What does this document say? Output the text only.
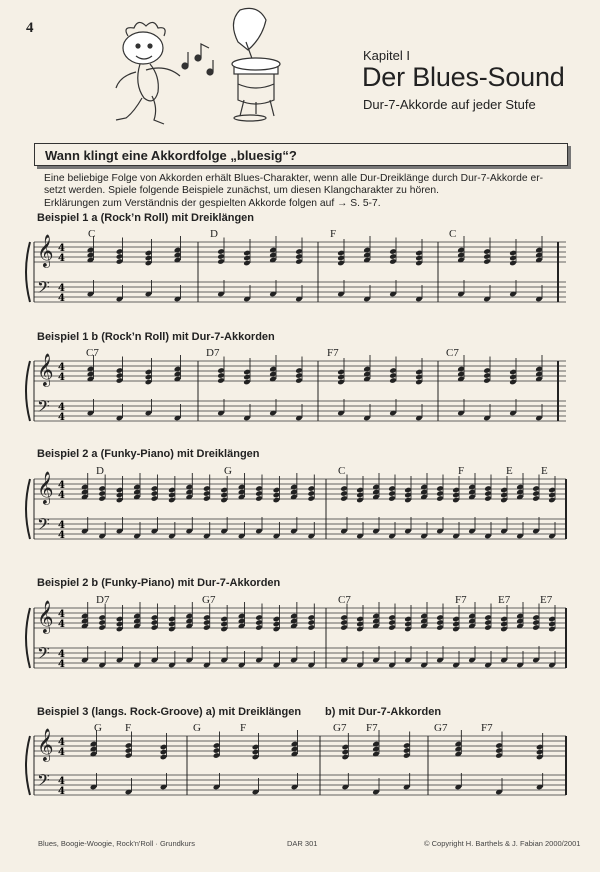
4
Kapitel I
Der Blues-Sound
Dur-7-Akkorde auf jeder Stufe
Wann klingt eine Akkordfolge „bluesig“?
Eine beliebige Folge von Akkorden erhält Blues-Charakter, wenn alle Dur-Dreiklänge durch Dur-7-Akkorde er-
setzt werden. Spiele folgende Beispiele zunächst, um diesen Klangcharakter zu hören.
Erklärungen zum Verständnis der gespielten Akkorde folgen auf → S. 5-7.
Beispiel 1 a (Rock’n Roll) mit Dreiklängen
Beispiel 1 b (Rock’n Roll) mit Dur-7-Akkorden
Beispiel 2 a (Funky-Piano) mit Dreiklängen
Beispiel 2 b (Funky-Piano) mit Dur-7-Akkorden
Beispiel 3 (langs. Rock-Groove) a) mit Dreiklängen b) mit Dur-7-Akkorden
C	D	F	C
C7	D7	F7	C7
D	G	C	F	E	E
D7	G7	C7	F7	E7	E7
G F	G	F	G7 F7	G7	F7
𝄞
𝄢
4
4
4
4
𝄞
𝄢
4
4
4
4
𝄞
𝄢
4
4
4
4
𝄞
𝄢
4
4
4
4
𝄞
𝄢
4
4
4
4
Blues, Boogie-Woogie, Rock'n'Roll · Grundkurs	DAR 301	© Copyright H. Barthels & J. Fabian 2000/2001
